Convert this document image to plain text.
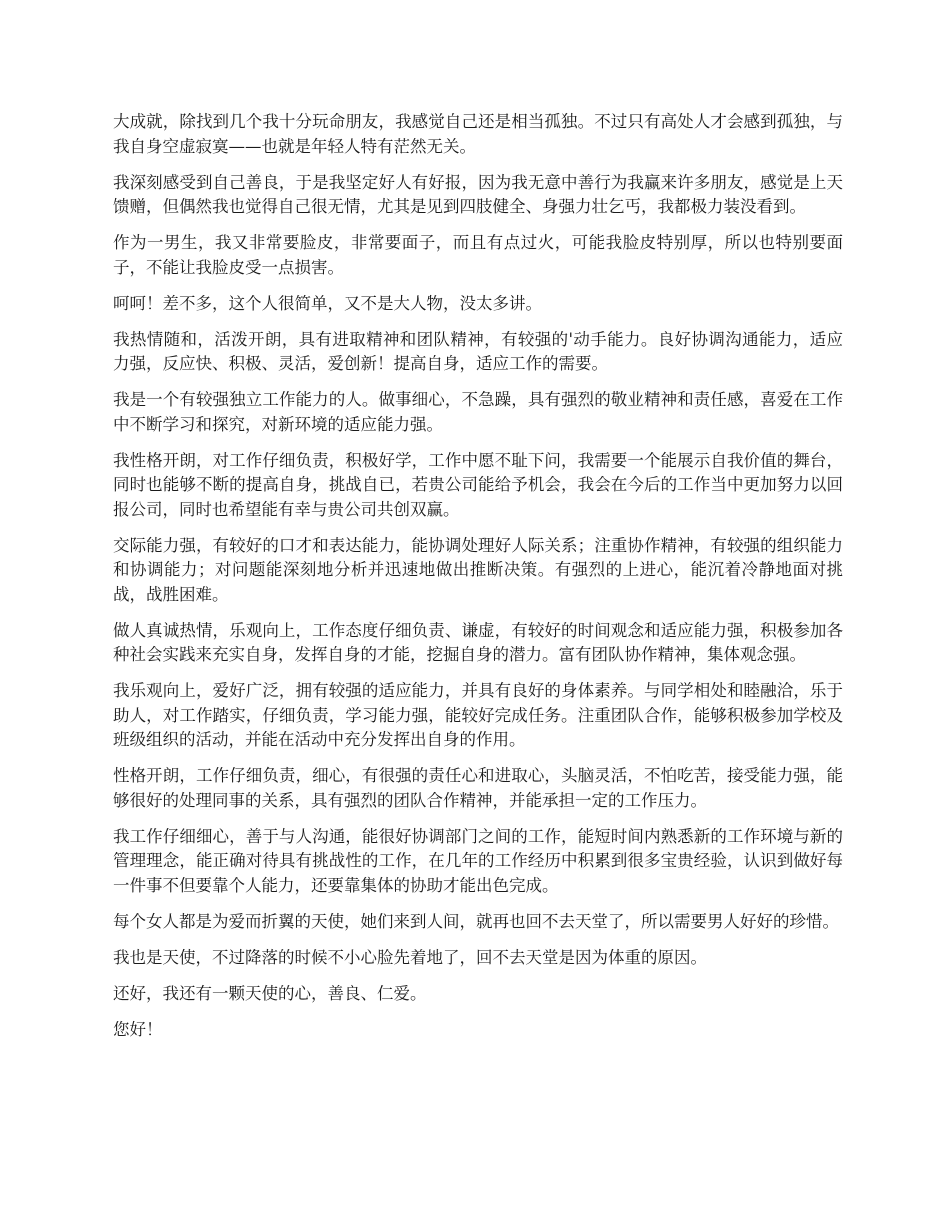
大成就，除找到几个我十分玩命朋友，我感觉自己还是相当孤独。不过只有高处人才会感到孤独，与我自身空虚寂寞——也就是年轻人特有茫然无关。

我深刻感受到自己善良，于是我坚定好人有好报，因为我无意中善行为我赢来许多朋友，感觉是上天馈赠，但偶然我也觉得自己很无情，尤其是见到四肢健全、身强力壮乞丐，我都极力装没看到。

作为一男生，我又非常要脸皮，非常要面子，而且有点过火，可能我脸皮特别厚，所以也特别要面子，不能让我脸皮受一点损害。

呵呵！差不多，这个人很简单，又不是大人物，没太多讲。

我热情随和，活泼开朗，具有进取精神和团队精神，有较强的'动手能力。良好协调沟通能力，适应力强，反应快、积极、灵活，爱创新！提高自身，适应工作的需要。

我是一个有较强独立工作能力的人。做事细心，不急躁，具有强烈的敬业精神和责任感，喜爱在工作中不断学习和探究，对新环境的适应能力强。

我性格开朗，对工作仔细负责，积极好学，工作中愿不耻下问，我需要一个能展示自我价值的舞台，同时也能够不断的提高自身，挑战自已，若贵公司能给予机会，我会在今后的工作当中更加努力以回报公司，同时也希望能有幸与贵公司共创双赢。

交际能力强，有较好的口才和表达能力，能协调处理好人际关系；注重协作精神，有较强的组织能力和协调能力；对问题能深刻地分析并迅速地做出推断决策。有强烈的上进心，能沉着冷静地面对挑战，战胜困难。

做人真诚热情，乐观向上，工作态度仔细负责、谦虚，有较好的时间观念和适应能力强，积极参加各种社会实践来充实自身，发挥自身的才能，挖掘自身的潜力。富有团队协作精神，集体观念强。

我乐观向上，爱好广泛，拥有较强的适应能力，并具有良好的身体素养。与同学相处和睦融洽，乐于助人，对工作踏实，仔细负责，学习能力强，能较好完成任务。注重团队合作，能够积极参加学校及班级组织的活动，并能在活动中充分发挥出自身的作用。

性格开朗，工作仔细负责，细心，有很强的责任心和进取心，头脑灵活，不怕吃苦，接受能力强，能够很好的处理同事的关系，具有强烈的团队合作精神，并能承担一定的工作压力。

我工作仔细细心，善于与人沟通，能很好协调部门之间的工作，能短时间内熟悉新的工作环境与新的管理理念，能正确对待具有挑战性的工作，在几年的工作经历中积累到很多宝贵经验，认识到做好每一件事不但要靠个人能力，还要靠集体的协助才能出色完成。

每个女人都是为爱而折翼的天使，她们来到人间，就再也回不去天堂了，所以需要男人好好的珍惜。

我也是天使，不过降落的时候不小心脸先着地了，回不去天堂是因为体重的原因。

还好，我还有一颗天使的心，善良、仁爱。

您好！
